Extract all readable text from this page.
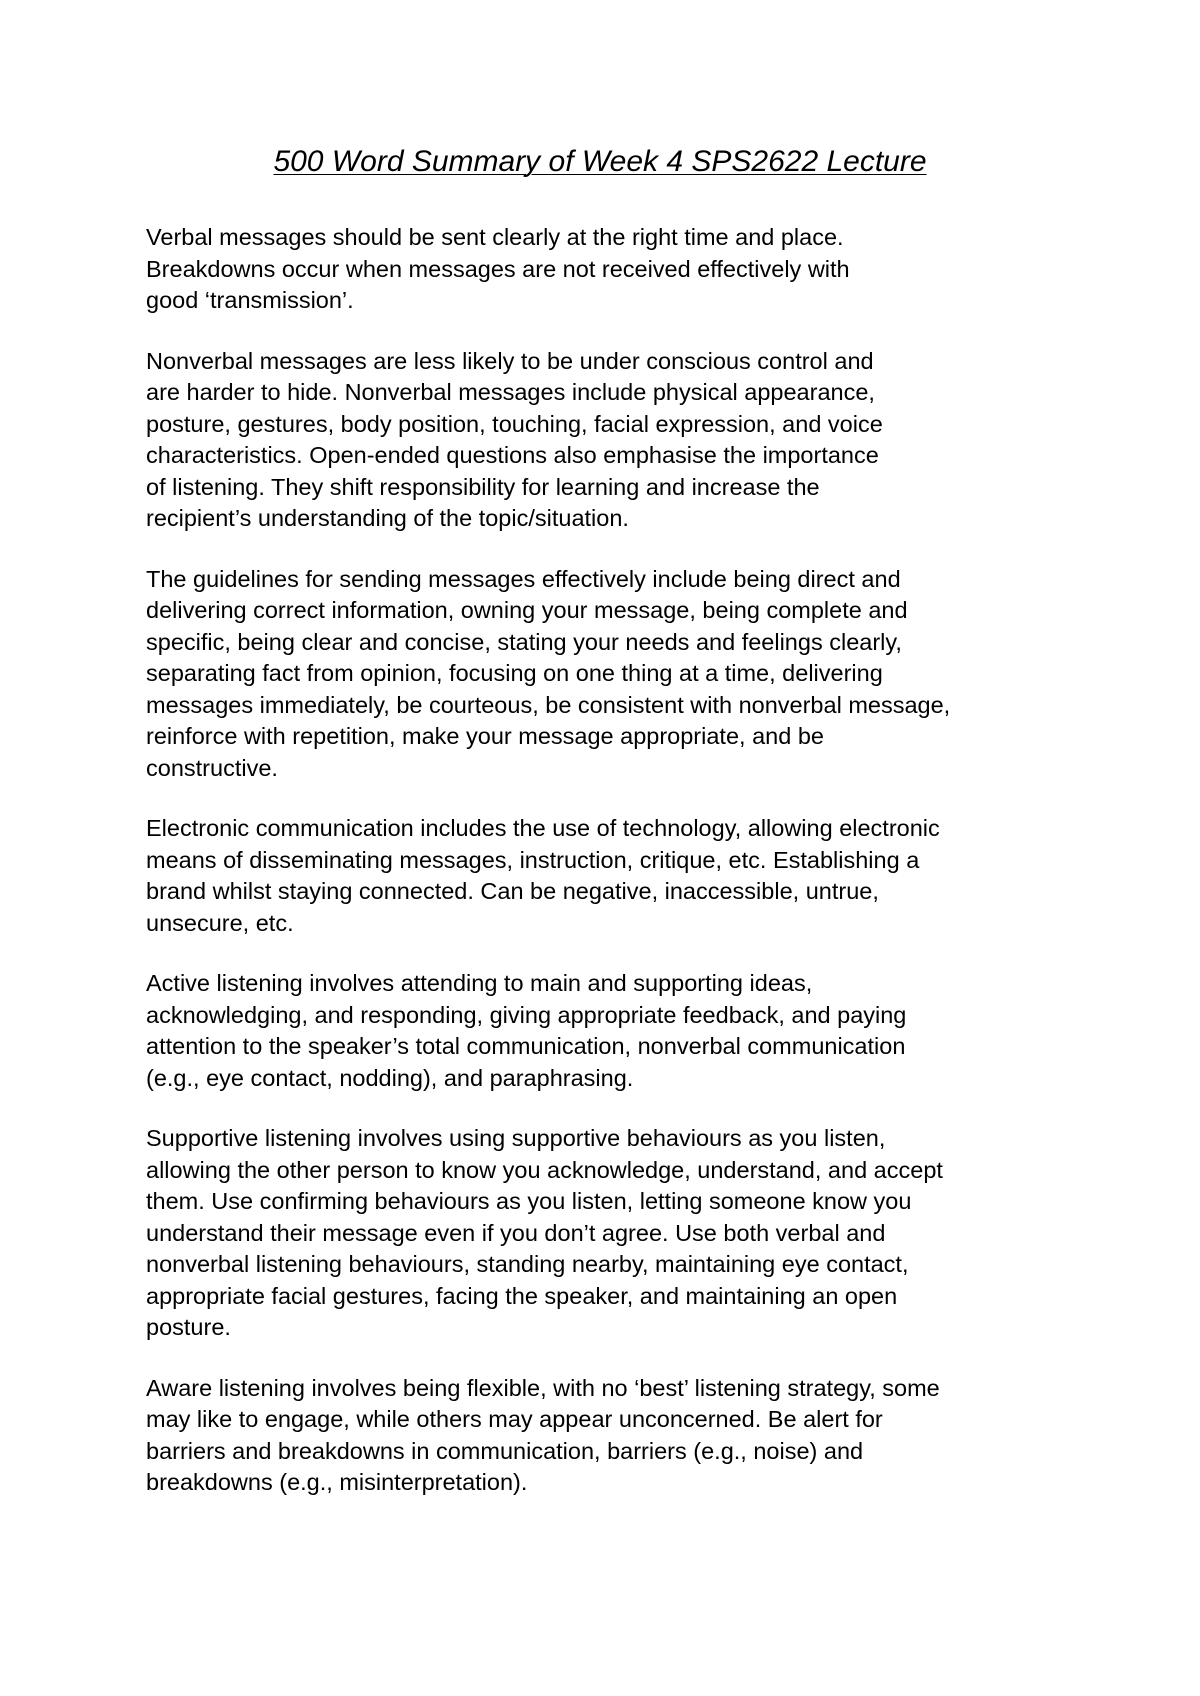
500 Word Summary of Week 4 SPS2622 Lecture

Verbal messages should be sent clearly at the right time and place.
Breakdowns occur when messages are not received effectively with
good ‘transmission’.

Nonverbal messages are less likely to be under conscious control and
are harder to hide. Nonverbal messages include physical appearance,
posture, gestures, body position, touching, facial expression, and voice
characteristics. Open-ended questions also emphasise the importance
of listening. They shift responsibility for learning and increase the
recipient’s understanding of the topic/situation.

The guidelines for sending messages effectively include being direct and
delivering correct information, owning your message, being complete and
specific, being clear and concise, stating your needs and feelings clearly,
separating fact from opinion, focusing on one thing at a time, delivering
messages immediately, be courteous, be consistent with nonverbal message,
reinforce with repetition, make your message appropriate, and be
constructive.

Electronic communication includes the use of technology, allowing electronic
means of disseminating messages, instruction, critique, etc. Establishing a
brand whilst staying connected. Can be negative, inaccessible, untrue,
unsecure, etc.

Active listening involves attending to main and supporting ideas,
acknowledging, and responding, giving appropriate feedback, and paying
attention to the speaker’s total communication, nonverbal communication
(e.g., eye contact, nodding), and paraphrasing.

Supportive listening involves using supportive behaviours as you listen,
allowing the other person to know you acknowledge, understand, and accept
them. Use confirming behaviours as you listen, letting someone know you
understand their message even if you don’t agree. Use both verbal and
nonverbal listening behaviours, standing nearby, maintaining eye contact,
appropriate facial gestures, facing the speaker, and maintaining an open
posture.

Aware listening involves being flexible, with no ‘best’ listening strategy, some
may like to engage, while others may appear unconcerned. Be alert for
barriers and breakdowns in communication, barriers (e.g., noise) and
breakdowns (e.g., misinterpretation).
